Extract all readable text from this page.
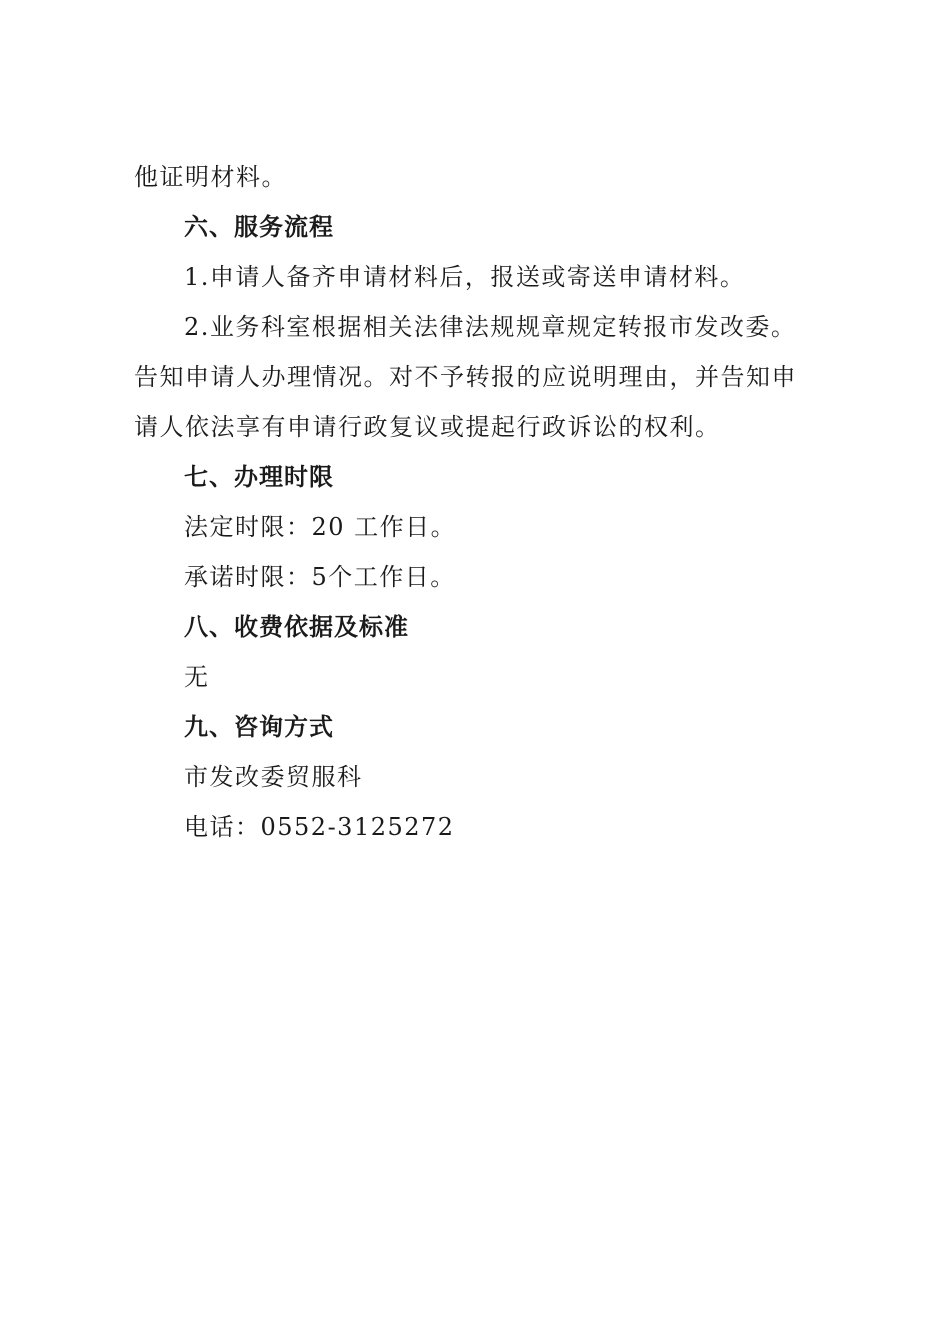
他证明材料。
六、服务流程
1.申请人备齐申请材料后，报送或寄送申请材料。
2.业务科室根据相关法律法规规章规定转报市发改委。
告知申请人办理情况。对不予转报的应说明理由，并告知申
请人依法享有申请行政复议或提起行政诉讼的权利。
七、办理时限
法定时限：20 工作日。
承诺时限：5个工作日。
八、收费依据及标准
无
九、咨询方式
市发改委贸服科
电话：0552-3125272
